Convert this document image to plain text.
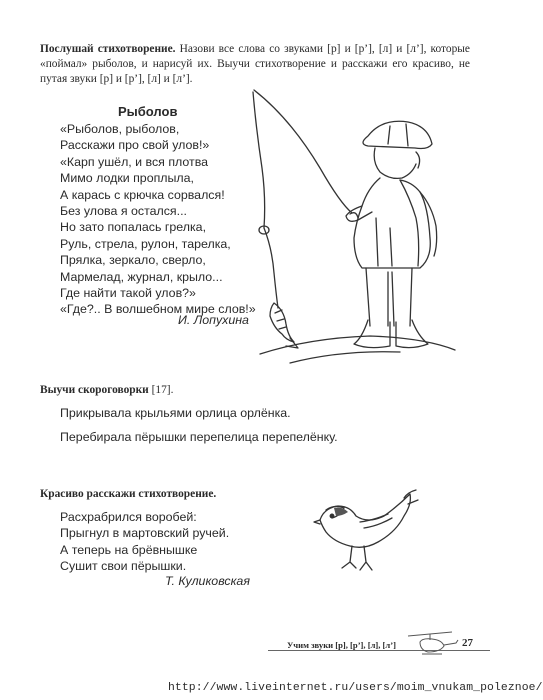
Послушай стихотворение. Назови все слова со звуками [р] и [р’], [л] и [л’], которые «поймал» рыболов, и нарисуй их. Выучи стихотворение и расскажи его красиво, не путая звуки [р] и [р’], [л] и [л’].
Рыболов
«Рыболов, рыболов,
Расскажи про свой улов!»
«Карп ушёл, и вся плотва
Мимо лодки проплыла,
А карась с крючка сорвался!
Без улова я остался...
Но зато попалась грелка,
Руль, стрела, рулон, тарелка,
Прялка, зеркало, сверло,
Мармелад, журнал, крыло...
Где найти такой улов?»
«Где?.. В волшебном мире слов!»
И. Лопухина
Выучи скороговорки [17].
Прикрывала крыльями орлица орлёнка.
Перебирала пёрышки перепелица перепелёнку.
Красиво расскажи стихотворение.
Расхрабрился воробей:
Прыгнул в мартовский ручей.
А теперь на брёвнышке
Сушит свои пёрышки.
Т. Куликовская
Учим звуки [р], [р’], [л], [л’]	27
http://www.liveinternet.ru/users/moim_vnukam_poleznoe/
